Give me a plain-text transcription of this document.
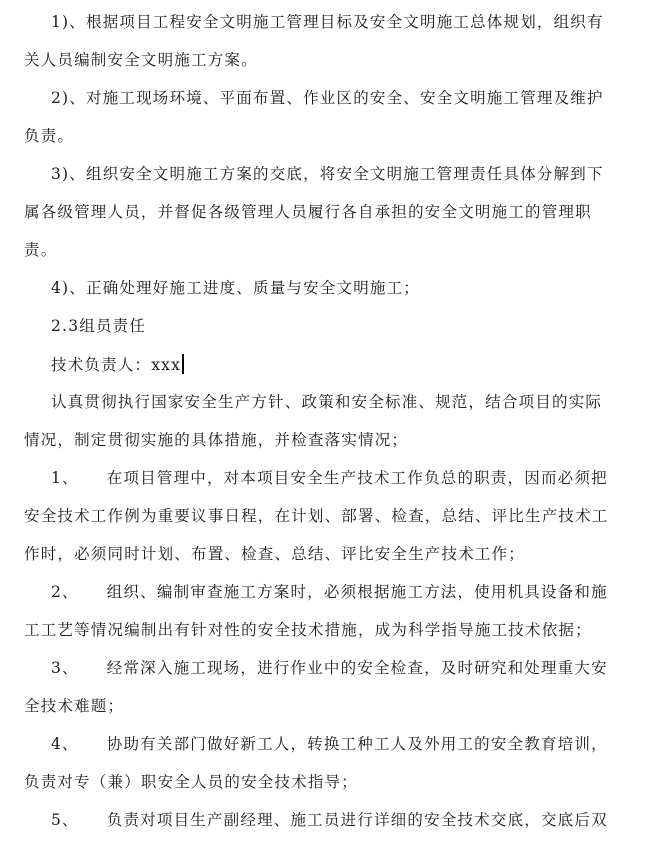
1)、根据项目工程安全文明施工管理目标及安全文明施工总体规划，组织有
关人员编制安全文明施工方案。
2)、对施工现场环境、平面布置、作业区的安全、安全文明施工管理及维护
负责。
3)、组织安全文明施工方案的交底，将安全文明施工管理责任具体分解到下
属各级管理人员，并督促各级管理人员履行各自承担的安全文明施工的管理职
责。
4)、正确处理好施工进度、质量与安全文明施工；
2.3组员责任
技术负责人：xxx
认真贯彻执行国家安全生产方针、政策和安全标准、规范，结合项目的实际
情况，制定贯彻实施的具体措施，并检查落实情况；
1、 在项目管理中，对本项目安全生产技术工作负总的职责，因而必须把
安全技术工作例为重要议事日程，在计划、部署、检查，总结、评比生产技术工
作时，必须同时计划、布置、检查、总结、评比安全生产技术工作；
2、 组织、编制审查施工方案时，必须根据施工方法，使用机具设备和施
工工艺等情况编制出有针对性的安全技术措施，成为科学指导施工技术依据；
3、 经常深入施工现场，进行作业中的安全检查，及时研究和处理重大安
全技术难题；
4、 协助有关部门做好新工人，转换工种工人及外用工的安全教育培训，
负责对专（兼）职安全人员的安全技术指导；
5、 负责对项目生产副经理、施工员进行详细的安全技术交底，交底后双
